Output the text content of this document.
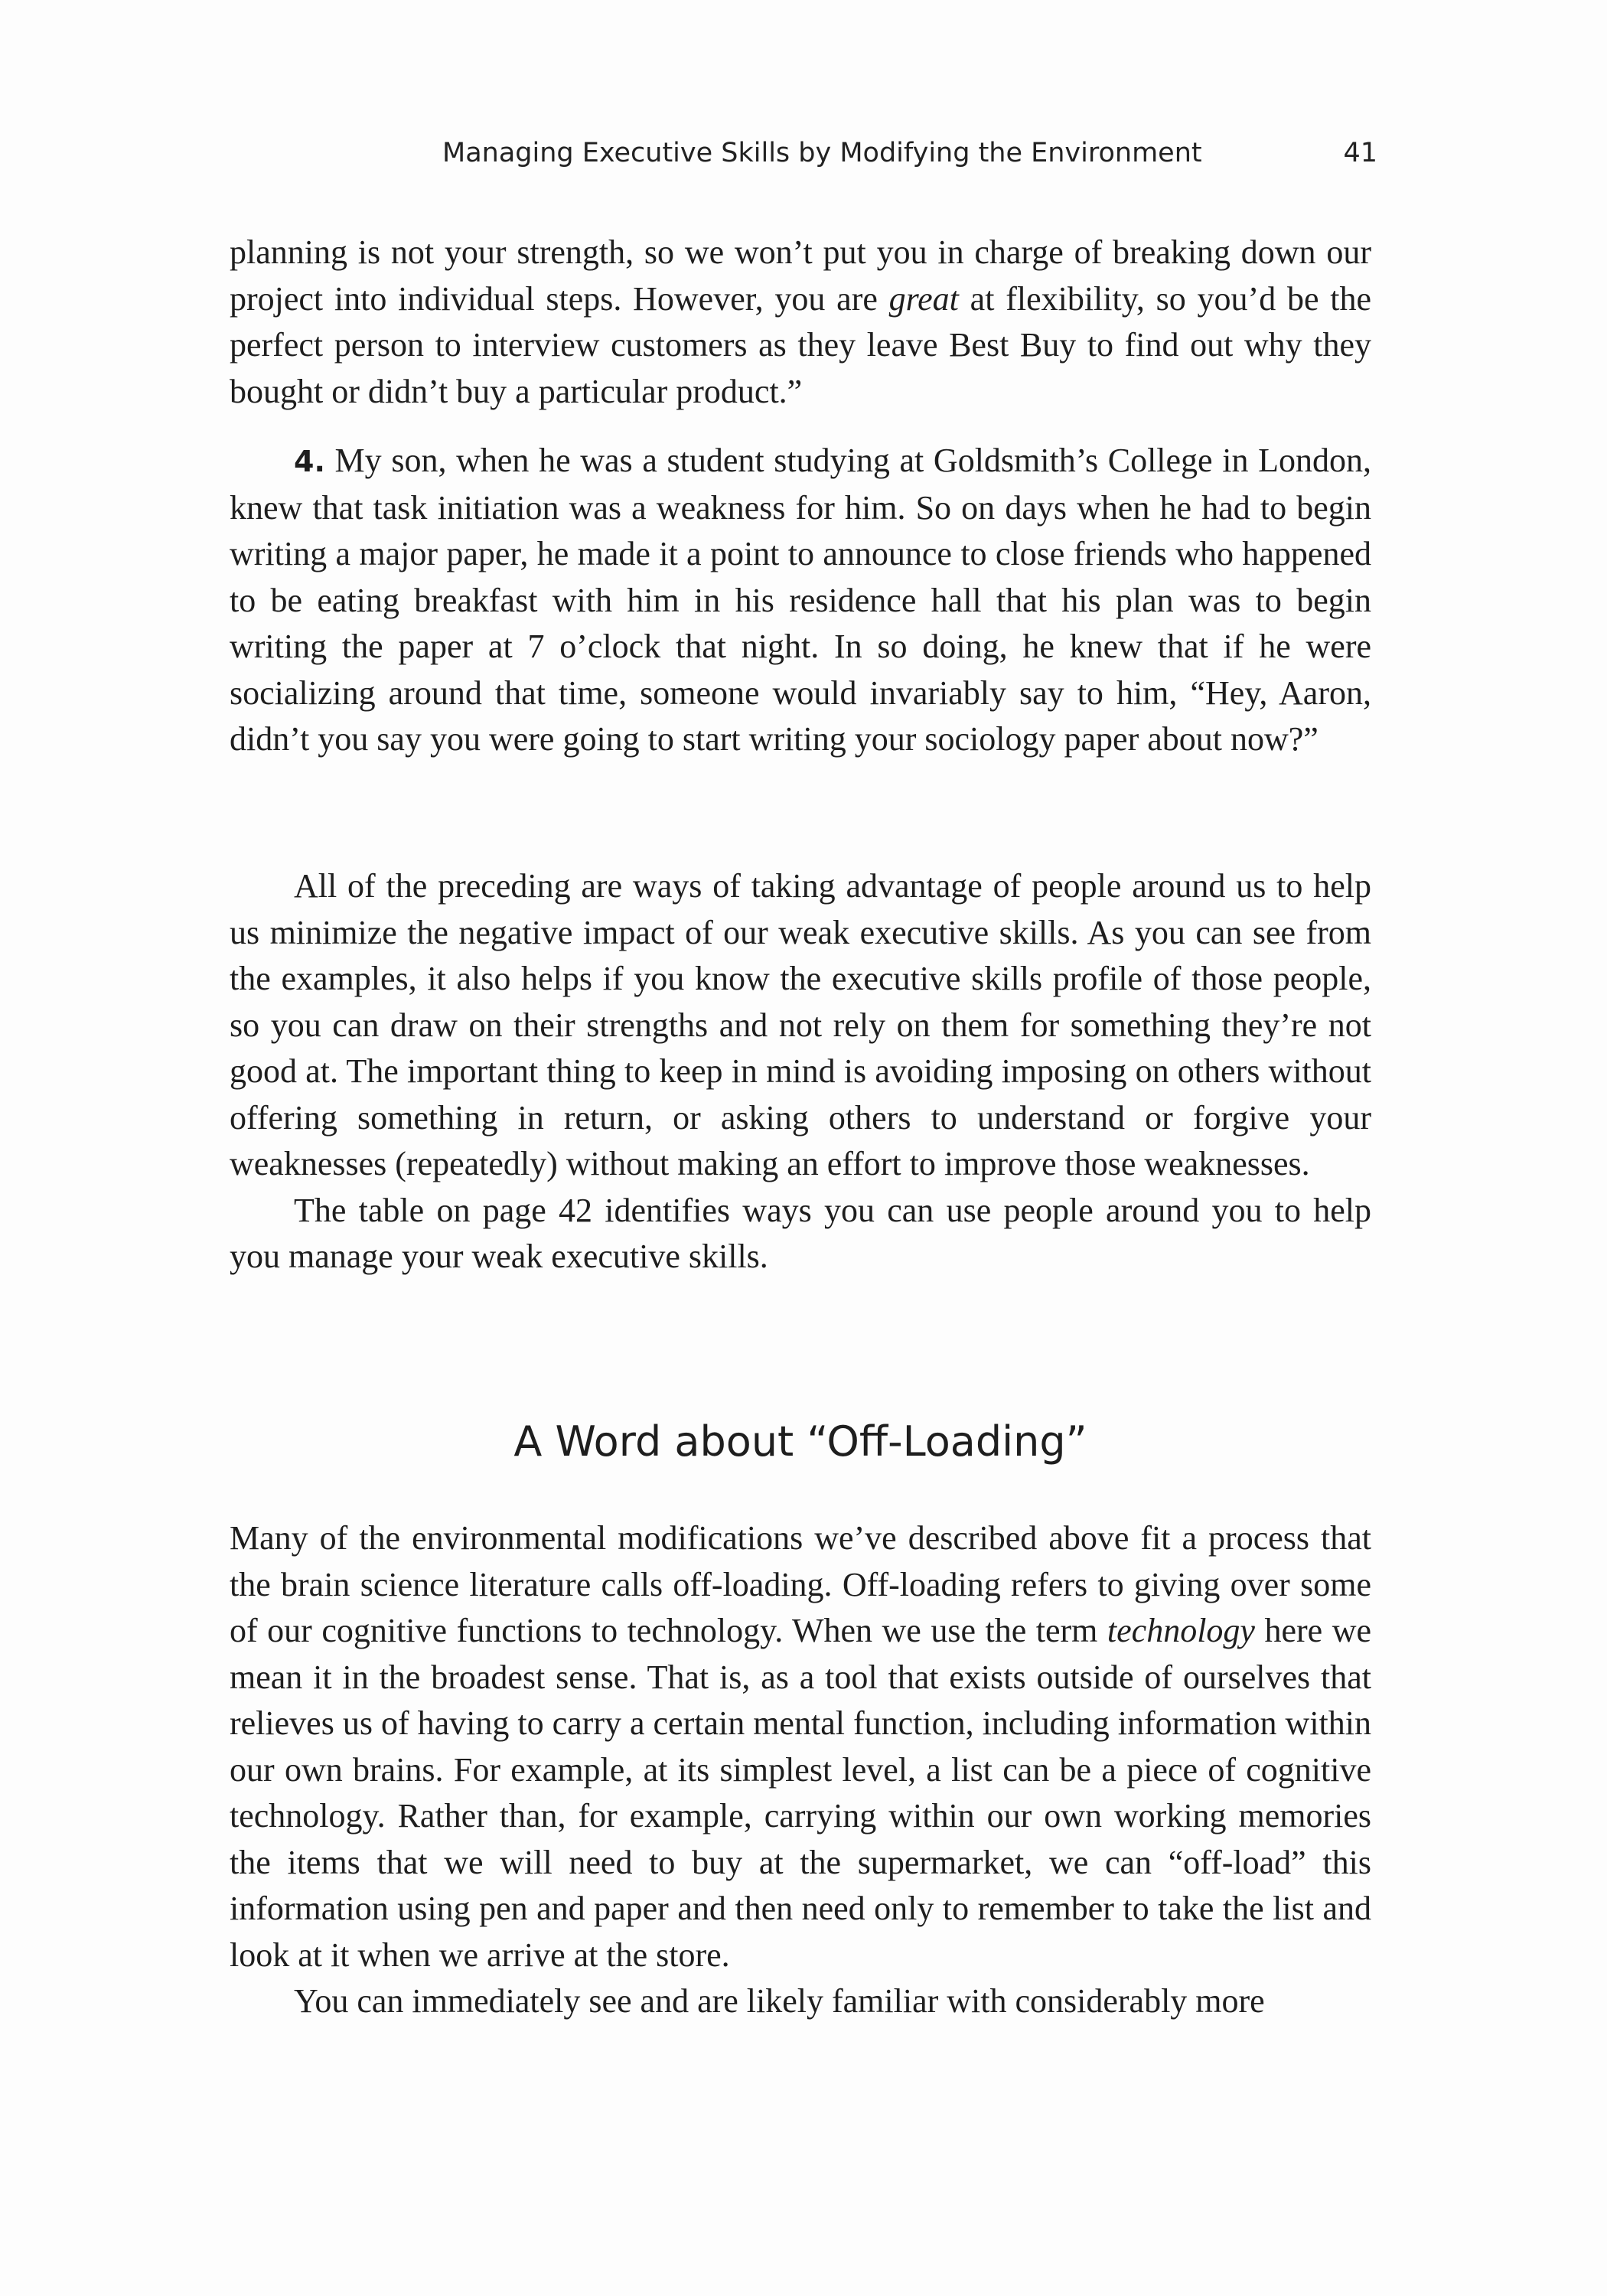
Managing Executive Skills by Modifying the Environment	41

planning is not your strength, so we won’t put you in charge of breaking down our project into individual steps. However, you are great at flexibility, so you’d be the perfect person to interview customers as they leave Best Buy to find out why they bought or didn’t buy a particular product.”

4. My son, when he was a student studying at Goldsmith’s College in London, knew that task initiation was a weakness for him. So on days when he had to begin writing a major paper, he made it a point to announce to close friends who happened to be eating breakfast with him in his residence hall that his plan was to begin writing the paper at 7 o’clock that night. In so doing, he knew that if he were socializing around that time, someone would invariably say to him, “Hey, Aaron, didn’t you say you were going to start writing your sociology paper about now?”

All of the preceding are ways of taking advantage of people around us to help us minimize the negative impact of our weak executive skills. As you can see from the examples, it also helps if you know the executive skills profile of those people, so you can draw on their strengths and not rely on them for something they’re not good at. The important thing to keep in mind is avoiding imposing on others without offering something in return, or asking others to understand or forgive your weaknesses (repeatedly) without making an effort to improve those weaknesses.

The table on page 42 identifies ways you can use people around you to help you manage your weak executive skills.

A Word about “Off-Loading”

Many of the environmental modifications we’ve described above fit a process that the brain science literature calls off-loading. Off-loading refers to giving over some of our cognitive functions to technology. When we use the term technology here we mean it in the broadest sense. That is, as a tool that exists outside of ourselves that relieves us of having to carry a certain mental function, including information within our own brains. For example, at its simplest level, a list can be a piece of cognitive technology. Rather than, for example, carrying within our own working memories the items that we will need to buy at the supermarket, we can “off-load” this information using pen and paper and then need only to remember to take the list and look at it when we arrive at the store.

You can immediately see and are likely familiar with considerably more
